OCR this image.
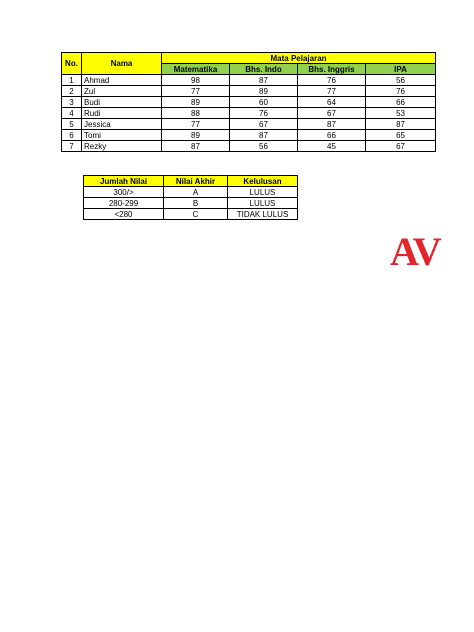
No.	Nama	Mata Pelajaran			
		Matematika	Bhs. Indo	Bhs. Inggris	IPA
1	Ahmad	98	87	76	56
2	Zul	77	89	77	76
3	Budi	89	60	64	66
4	Rudi	88	76	67	53
5	Jessica	77	67	87	87
6	Tomi	89	87	66	65
7	Rezky	87	56	45	67
Jumlah Nilai	Nilai Akhir	Kelulusan
300/>	A	LULUS
280-299	B	LULUS
<280	C	TIDAK LULUS
AV
